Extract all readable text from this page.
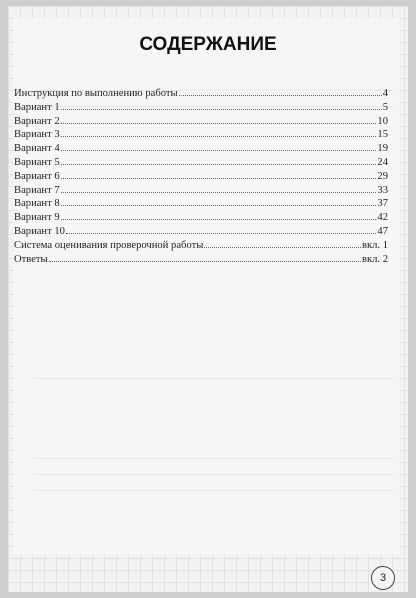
СОДЕРЖАНИЕ
Инструкция по выполнению работы	4
Вариант 1	5
Вариант 2	10
Вариант 3	15
Вариант 4	19
Вариант 5	24
Вариант 6	29
Вариант 7	33
Вариант 8	37
Вариант 9	42
Вариант 10	47
Система оценивания проверочной работы	вкл. 1
Ответы	вкл. 2
3
